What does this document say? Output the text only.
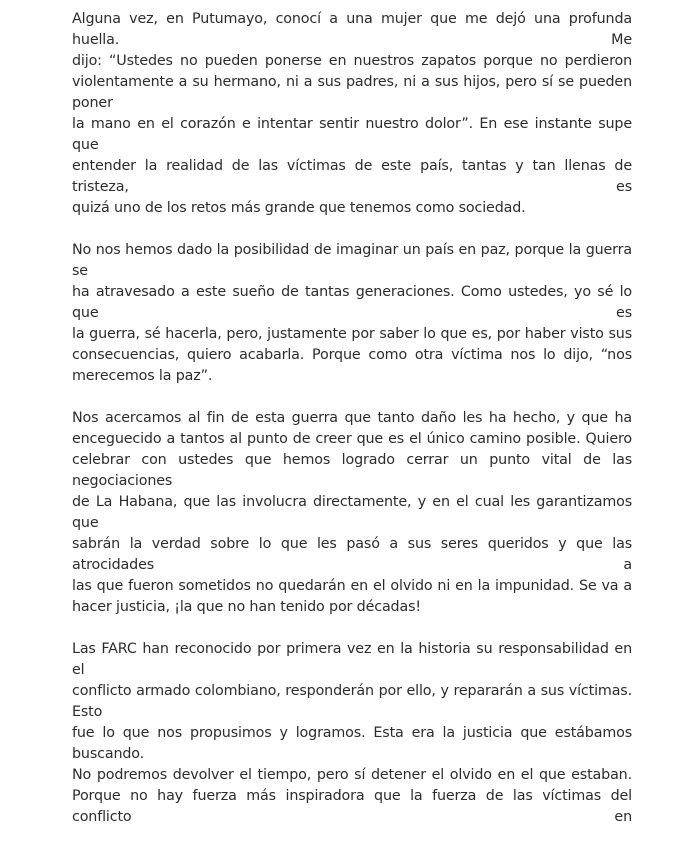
Alguna vez, en Putumayo, conocí a una mujer que me dejó una profunda huella. Me
dijo: “Ustedes no pueden ponerse en nuestros zapatos porque no perdieron
violentamente a su hermano, ni a sus padres, ni a sus hijos, pero sí se pueden poner
la mano en el corazón e intentar sentir nuestro dolor”. En ese instante supe que
entender la realidad de las víctimas de este país, tantas y tan llenas de tristeza, es
quizá uno de los retos más grande que tenemos como sociedad.

No nos hemos dado la posibilidad de imaginar un país en paz, porque la guerra se
ha atravesado a este sueño de tantas generaciones. Como ustedes, yo sé lo que es
la guerra, sé hacerla, pero, justamente por saber lo que es, por haber visto sus
consecuencias, quiero acabarla. Porque como otra víctima nos lo dijo, “nos
merecemos la paz”.

Nos acercamos al fin de esta guerra que tanto daño les ha hecho, y que ha
enceguecido a tantos al punto de creer que es el único camino posible. Quiero
celebrar con ustedes que hemos logrado cerrar un punto vital de las negociaciones
de La Habana, que las involucra directamente, y en el cual les garantizamos que
sabrán la verdad sobre lo que les pasó a sus seres queridos y que las atrocidades a
las que fueron sometidos no quedarán en el olvido ni en la impunidad. Se va a
hacer justicia, ¡la que no han tenido por décadas!

Las FARC han reconocido por primera vez en la historia su responsabilidad en el
conflicto armado colombiano, responderán por ello, y repararán a sus víctimas. Esto
fue lo que nos propusimos y logramos. Esta era la justicia que estábamos buscando.
No podremos devolver el tiempo, pero sí detener el olvido en el que estaban.
Porque no hay fuerza más inspiradora que la fuerza de las víctimas del conflicto en
